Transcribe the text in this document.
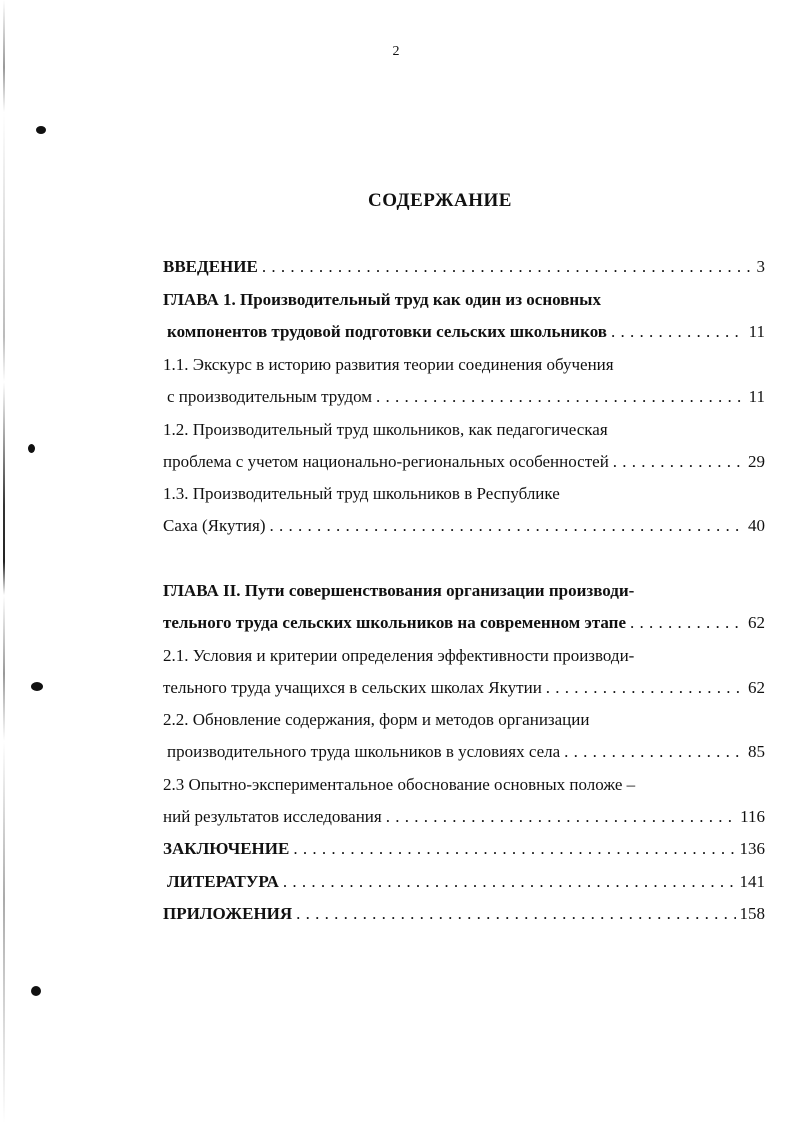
2
СОДЕРЖАНИЕ
ВВЕДЕНИЕ . . .	3
ГЛАВА 1. Производительный труд как один из основных
компонентов трудовой подготовки сельских школьников . . .	11
1.1. Экскурс в историю развития теории соединения обучения
с производительным трудом . . .	11
1.2. Производительный труд школьников, как педагогическая
проблема с учетом национально-региональных особенностей . . .	29
1.3. Производительный труд школьников в Республике
Саха (Якутия) . . .	40
ГЛАВА II. Пути совершенствования организации производи-
тельного труда сельских школьников на современном этапе . . .	62
2.1. Условия и критерии определения эффективности производи-
тельного труда учащихся в сельских школах Якутии . . .	62
2.2. Обновление содержания, форм и методов организации
производительного труда школьников в условиях села . . .	85
2.3 Опытно-экспериментальное обоснование основных положе –
ний результатов исследования . . .	116
ЗАКЛЮЧЕНИЕ . . .	136
ЛИТЕРАТУРА . . .	141
ПРИЛОЖЕНИЯ . . .	158
